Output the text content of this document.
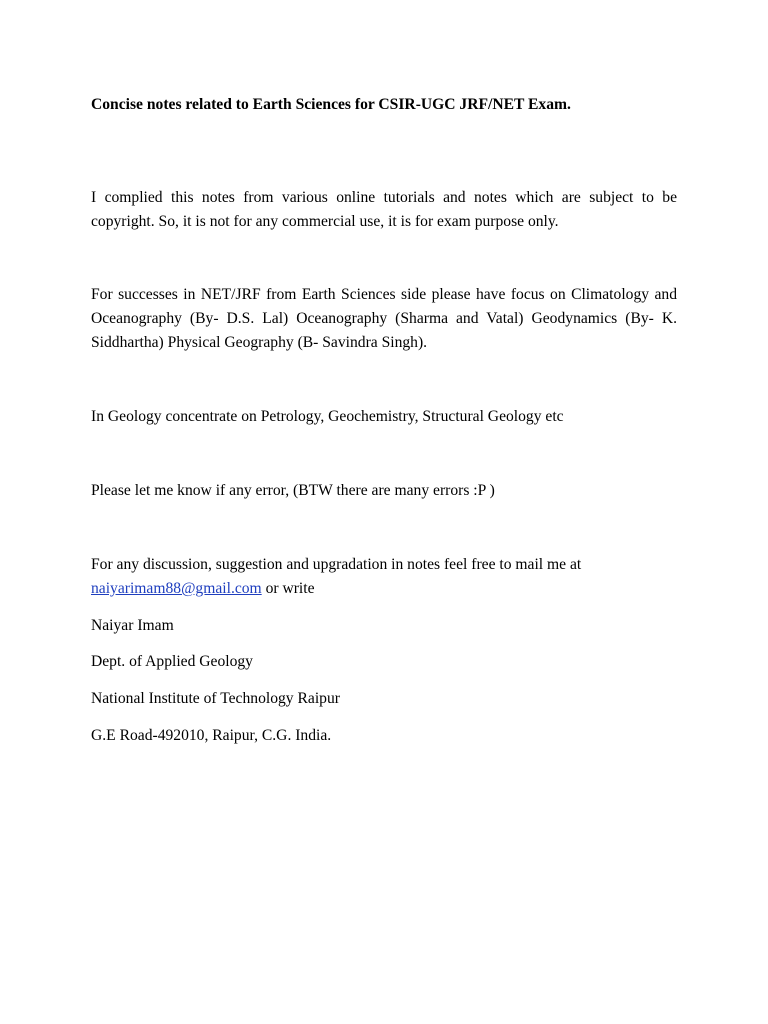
Concise notes related to Earth Sciences for CSIR-UGC JRF/NET Exam.

I complied this notes from various online tutorials and notes which are subject to be copyright. So, it is not for any commercial use, it is for exam purpose only.

For successes in NET/JRF from Earth Sciences side please have focus on Climatology and Oceanography (By- D.S. Lal) Oceanography (Sharma and Vatal) Geodynamics (By- K. Siddhartha) Physical Geography (B- Savindra Singh).

In Geology concentrate on Petrology, Geochemistry, Structural Geology etc

Please let me know if any error, (BTW there are many errors :P )

For any discussion, suggestion and upgradation in notes feel free to mail me at
naiyarimam88@gmail.com or write

Naiyar Imam

Dept. of Applied Geology

National Institute of Technology Raipur

G.E Road-492010, Raipur, C.G. India.
